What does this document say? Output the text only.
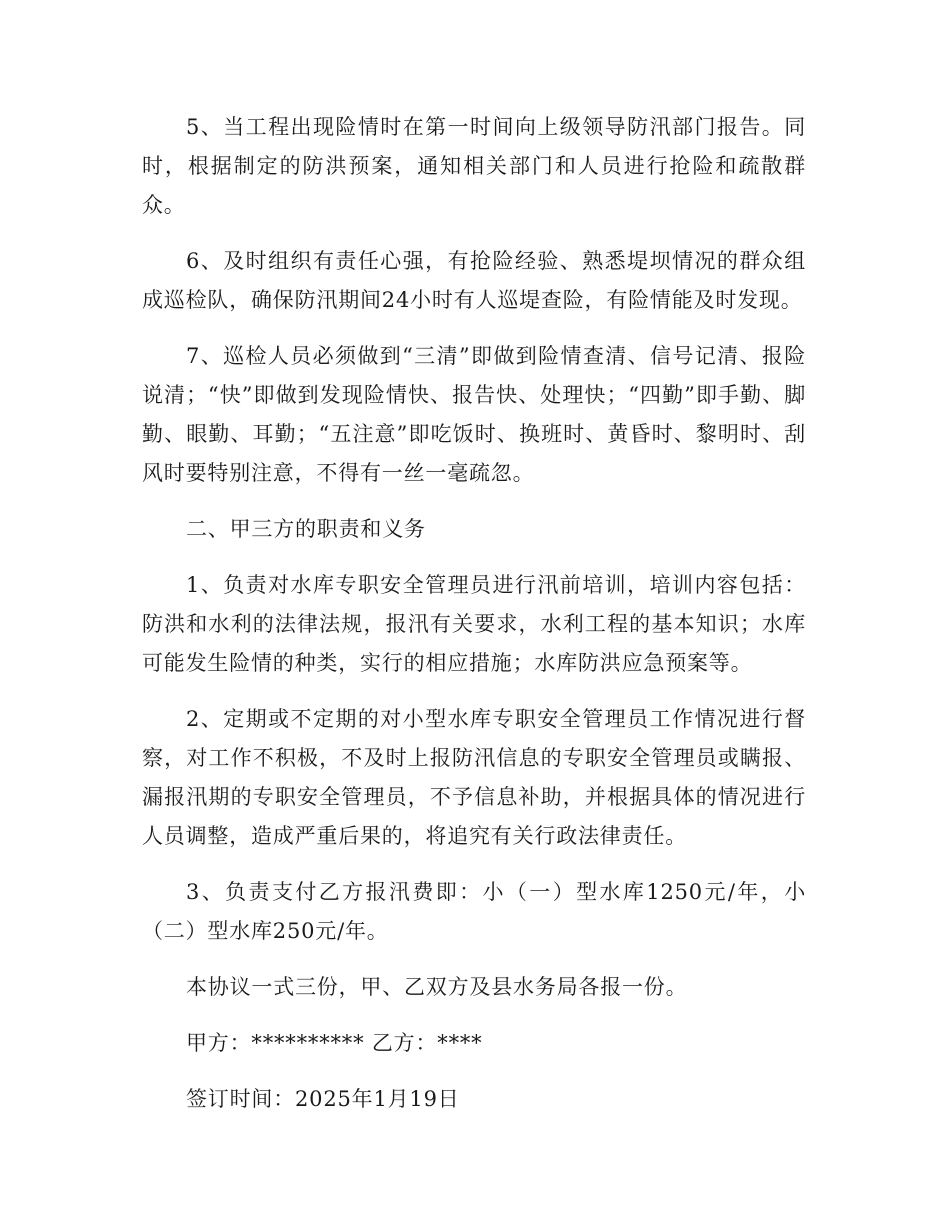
5、当工程出现险情时在第一时间向上级领导防汛部门报告。同时，根据制定的防洪预案，通知相关部门和人员进行抢险和疏散群众。

6、及时组织有责任心强，有抢险经验、熟悉堤坝情况的群众组成巡检队，确保防汛期间24小时有人巡堤查险，有险情能及时发现。

7、巡检人员必须做到“三清”即做到险情查清、信号记清、报险说清；“快”即做到发现险情快、报告快、处理快；“四勤”即手勤、脚勤、眼勤、耳勤；“五注意”即吃饭时、换班时、黄昏时、黎明时、刮风时要特别注意，不得有一丝一毫疏忽。

二、甲三方的职责和义务

1、负责对水库专职安全管理员进行汛前培训，培训内容包括：防洪和水利的法律法规，报汛有关要求，水利工程的基本知识；水库可能发生险情的种类，实行的相应措施；水库防洪应急预案等。

2、定期或不定期的对小型水库专职安全管理员工作情况进行督察，对工作不积极，不及时上报防汛信息的专职安全管理员或瞒报、漏报汛期的专职安全管理员，不予信息补助，并根据具体的情况进行人员调整，造成严重后果的，将追究有关行政法律责任。

3、负责支付乙方报汛费即：小（一）型水库1250元/年，小（二）型水库250元/年。

本协议一式三份，甲、乙双方及县水务局各报一份。

甲方：********** 乙方：****

签订时间：2025年1月19日
